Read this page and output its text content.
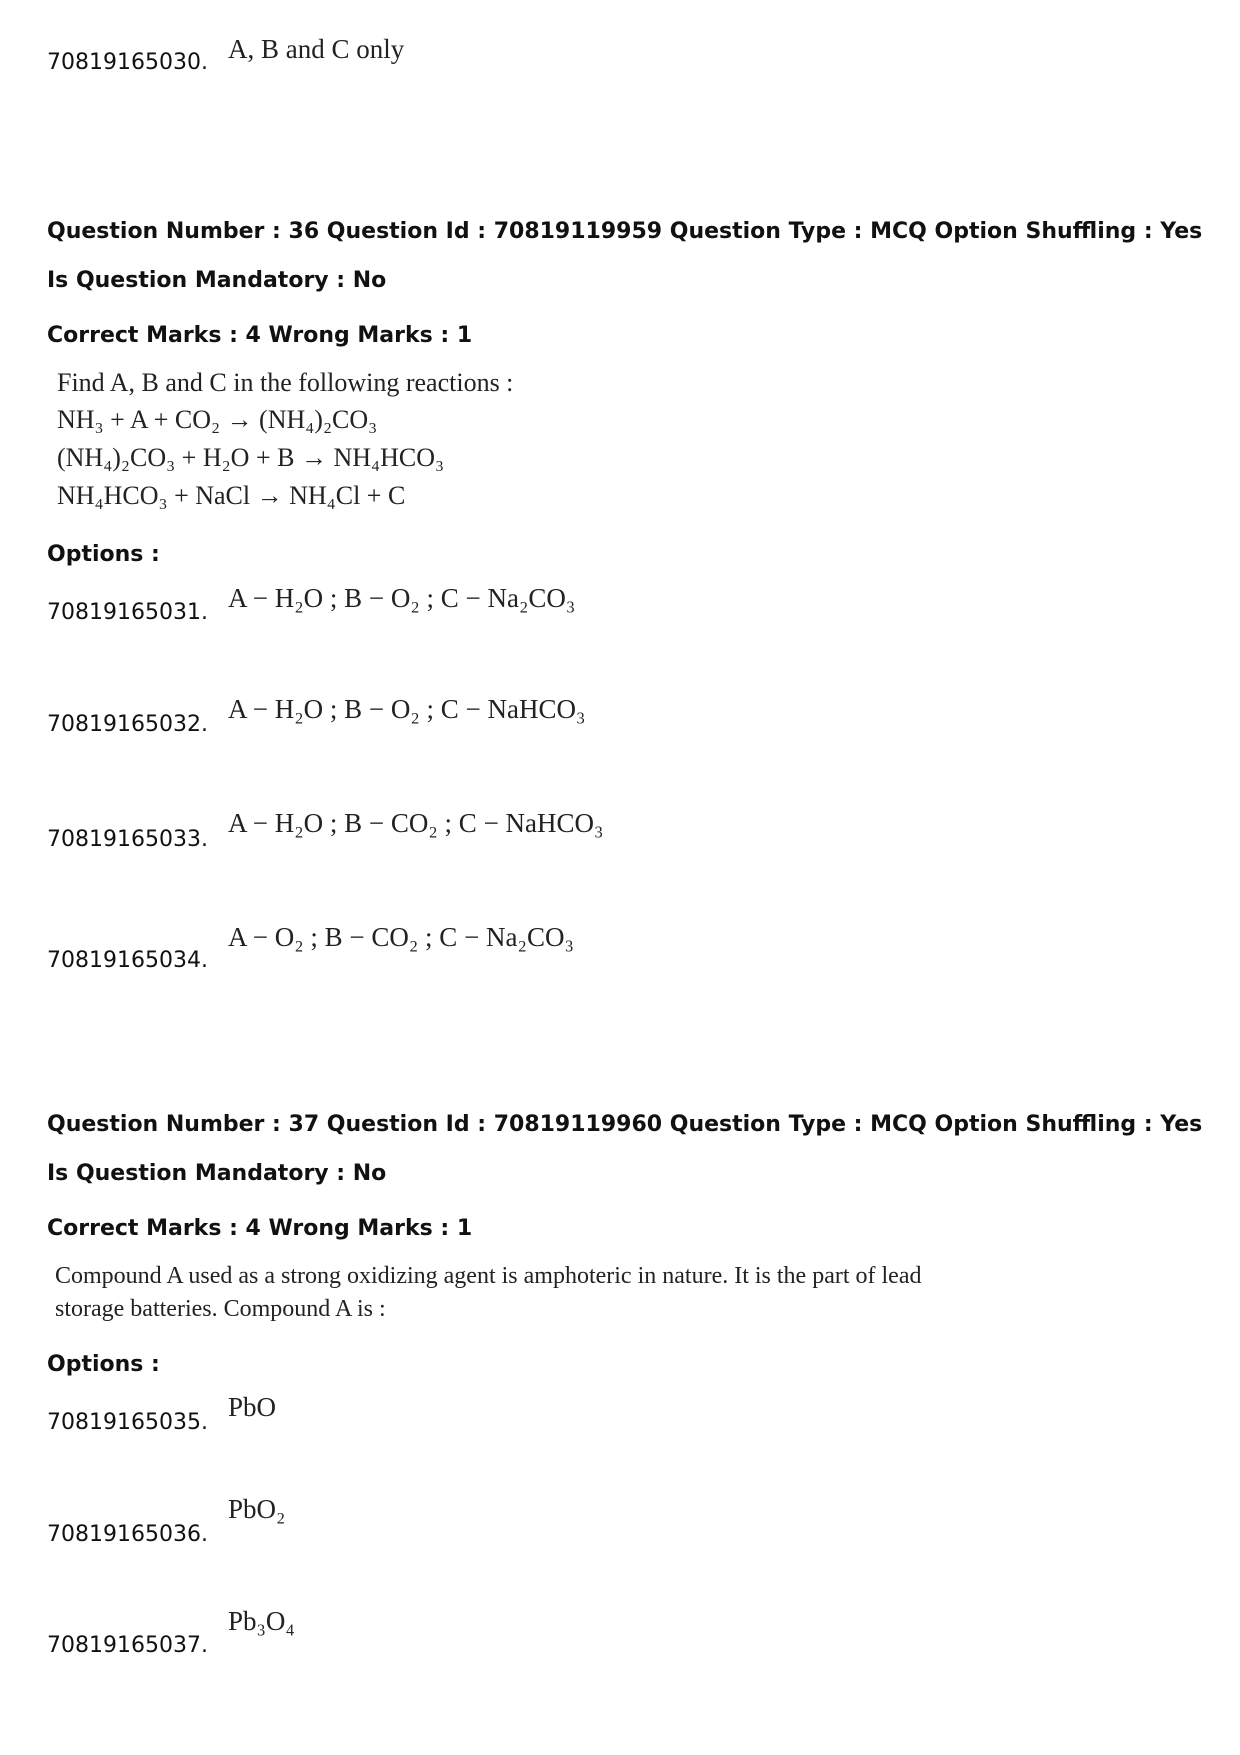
70819165030. A, B and C only
Question Number : 36 Question Id : 70819119959 Question Type : MCQ Option Shuffling : Yes
Is Question Mandatory : No
Correct Marks : 4 Wrong Marks : 1
Find A, B and C in the following reactions :
NH₃ + A + CO₂ → (NH₄)₂CO₃
(NH₄)₂CO₃ + H₂O + B → NH₄HCO₃
NH₄HCO₃ + NaCl → NH₄Cl + C
Options :
70819165031. A − H₂O ; B − O₂ ; C − Na₂CO₃
70819165032.
A − H₂O ; B − O₂ ; C − NaHCO₃
70819165033.
A − H₂O ; B − CO₂ ; C − NaHCO₃
70819165034.
A − O₂ ; B − CO₂ ; C − Na₂CO₃
Question Number : 37 Question Id : 70819119960 Question Type : MCQ Option Shuffling : Yes
Is Question Mandatory : No
Correct Marks : 4 Wrong Marks : 1
Compound A used as a strong oxidizing agent is amphoteric in nature. It is the part of lead
storage batteries. Compound A is :
Options :
70819165035.
PbO
70819165036.
PbO₂
70819165037.
Pb₃O₄
